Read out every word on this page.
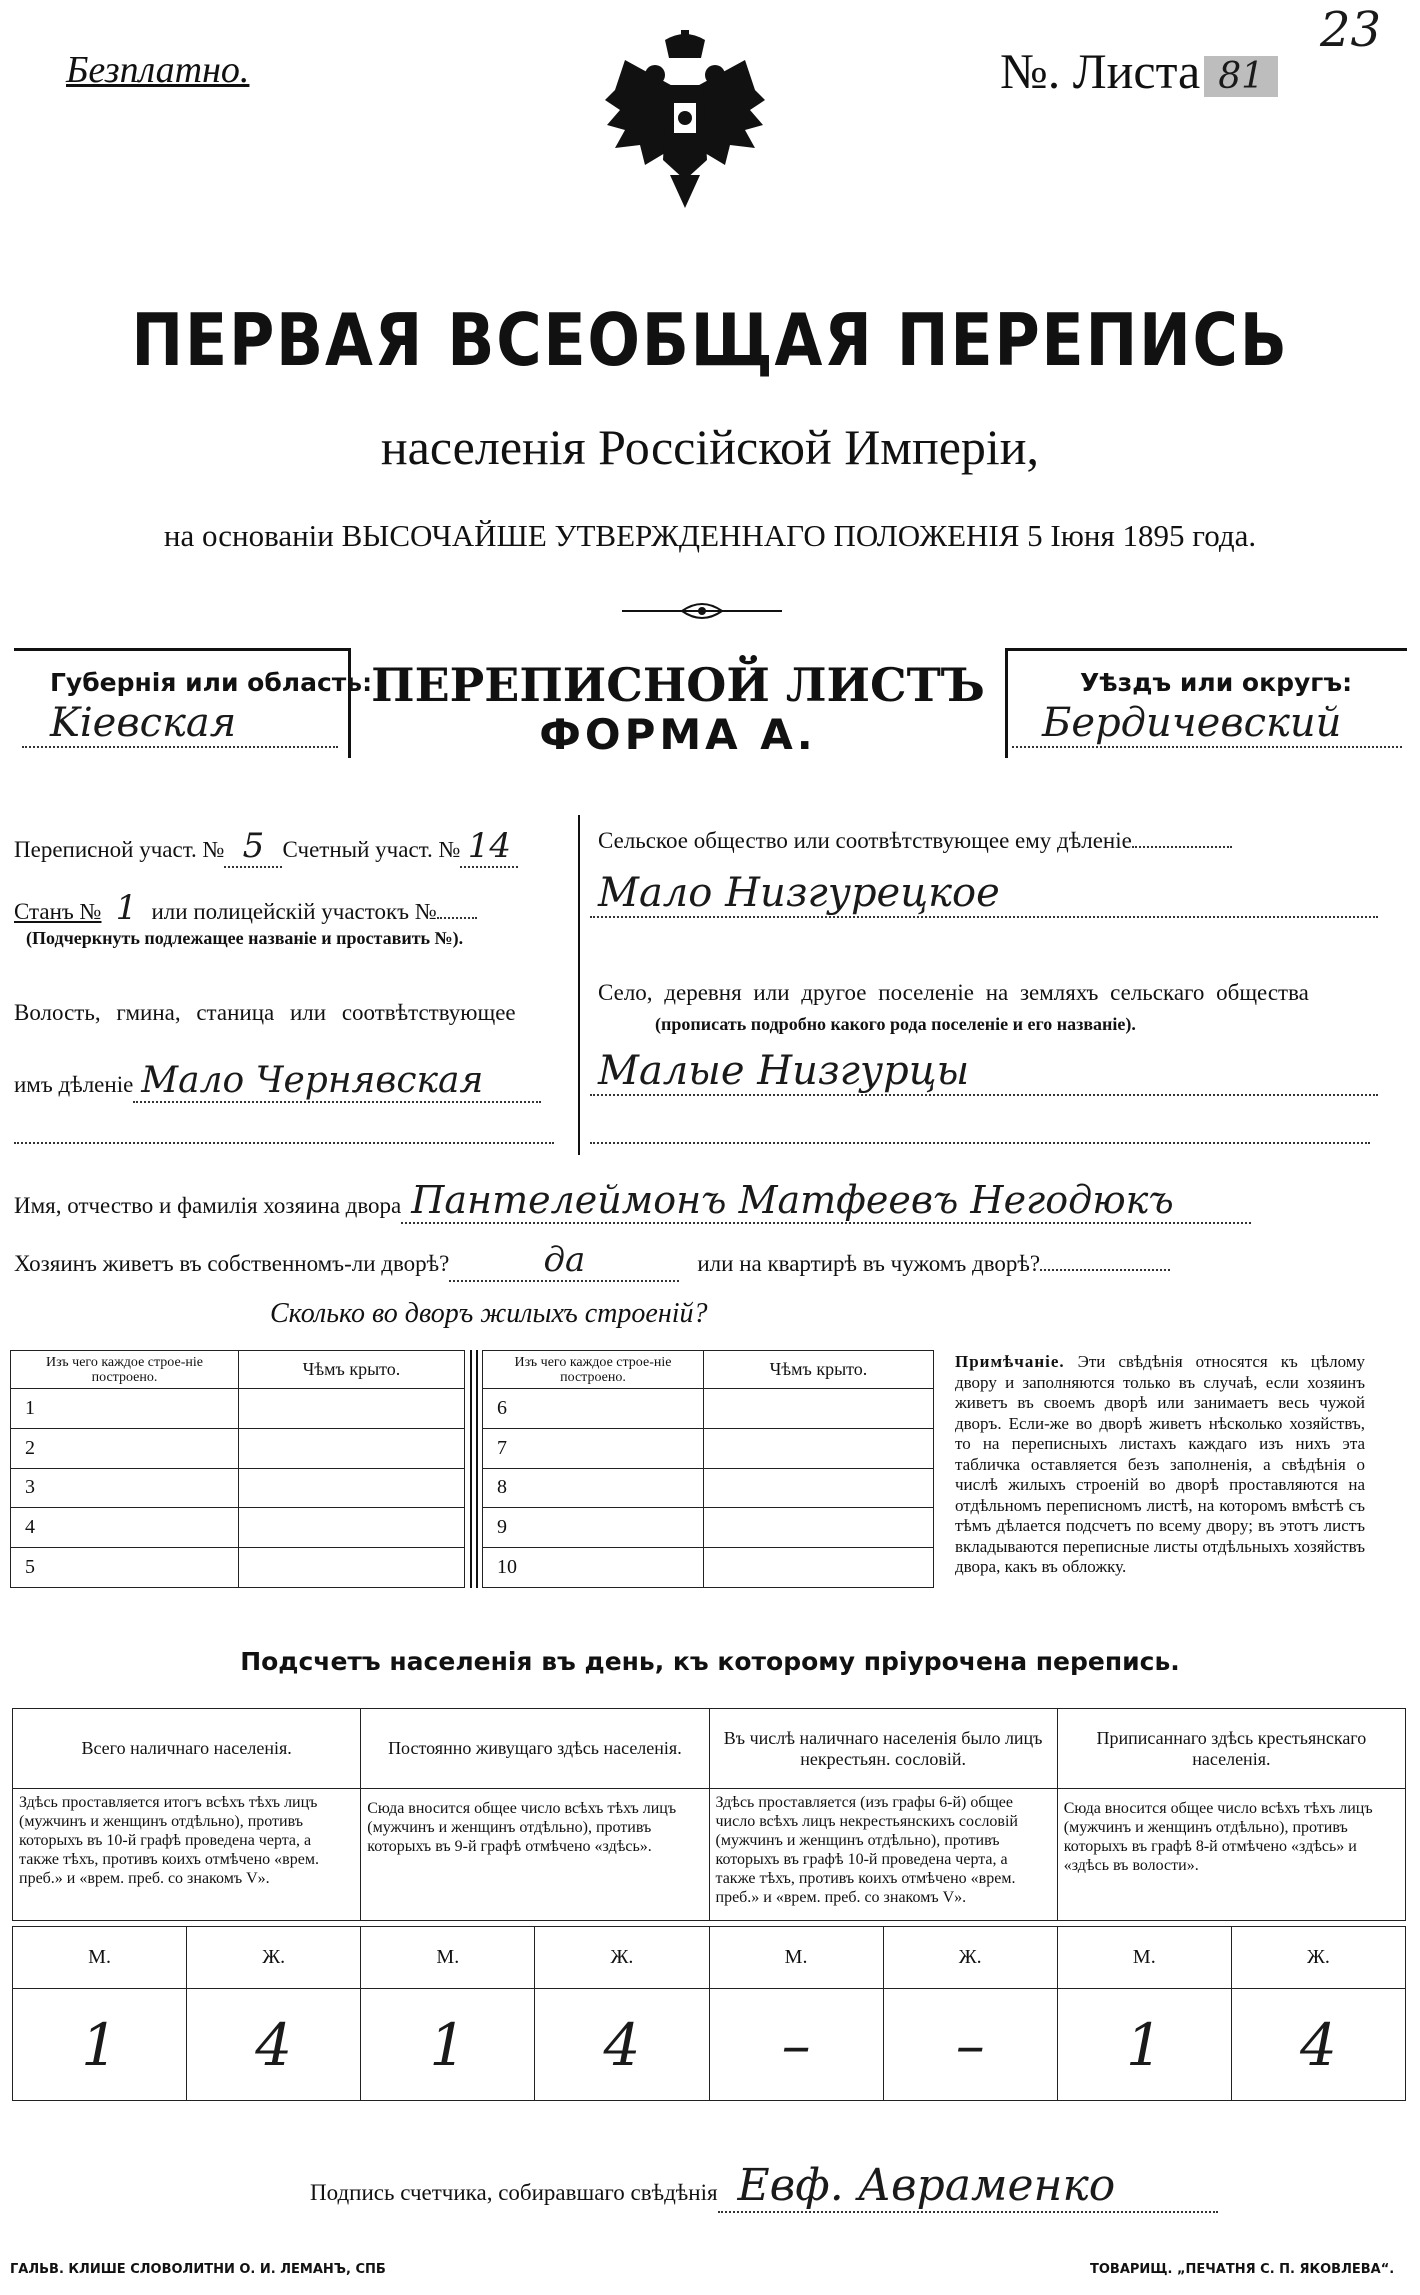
Безплатно.	№. Листа 81
23
ПЕРВАЯ ВСЕОБЩАЯ ПЕРЕПИСЬ
населенія Россійской Имперіи,
на основаніи ВЫСОЧАЙШЕ УТВЕРЖДЕННАГО ПОЛОЖЕНІЯ 5 Іюня 1895 года.
Губернія или область:
Kiевская
ПЕРЕПИСНОЙ ЛИСТЪ
ФОРМА А.
Уѣздъ или округъ:
Бердичевский
Переписной участ. № 5 Счетный участ. № 14
Станъ № 1 или полицейскій участокъ №
(Подчеркнуть подлежащее названіе и проставить №).
Волость, гмина, станица или соотвѣтствующее
имъ дѣленіе Мало Чернявская
Сельское общество или соотвѣтствующее ему дѣленіе
Мало Низгурецкое
Село, деревня или другое поселеніе на земляхъ сельскаго общества
(прописать подробно какого рода поселеніе и его названіе).
Малые Низгурцы
Имя, отчество и фамилія хозяина двора Пантелеймонъ Матфеевъ Негодюкъ
Хозяинъ живетъ въ собственномъ-ли дворѣ?	да	или на квартирѣ въ чужомъ дворѣ?
Сколько во дворъ жилыхъ строеній?
Изъ чего каждое строе-ніе построено.	Чѣмъ крыто.
1	
2	
3	
4	
5	
Изъ чего каждое строе-ніе построено.	Чѣмъ крыто.
6	
7	
8	
9	
10	
Примѣчаніе. Эти свѣдѣнія относятся къ цѣлому двору и заполняются только въ случаѣ, если хозяинъ живетъ въ своемъ дворѣ или занимаетъ весь чужой дворъ. Если-же во дворѣ живетъ нѣсколько хозяйствъ, то на переписныхъ листахъ каждаго изъ нихъ эта табличка оставляется безъ заполненія, а свѣдѣнія о числѣ жилыхъ строеній во дворѣ проставляются на отдѣльномъ переписномъ листѣ, на которомъ вмѣстѣ съ тѣмъ дѣлается подсчетъ по всему двору; въ этотъ листъ вкладываются переписные листы отдѣльныхъ хозяйствъ двора, какъ въ обложку.
Подсчетъ населенія въ день, къ которому пріурочена перепись.
Всего наличнаго населенія.	Постоянно живущаго здѣсь населенія.	Въ числѣ наличнаго населенія было лицъ некрестьян. сословій.	Приписаннаго здѣсь крестьянскаго населенія.
Здѣсь проставляется итогъ всѣхъ тѣхъ лицъ (мужчинъ и женщинъ отдѣльно), противъ которыхъ въ 10-й графѣ проведена черта, а также тѣхъ, противъ коихъ отмѣчено «врем. преб.» и «врем. преб. со знакомъ V».	Сюда вносится общее число всѣхъ тѣхъ лицъ (мужчинъ и женщинъ отдѣльно), противъ которыхъ въ 9-й графѣ отмѣчено «здѣсь».	Здѣсь проставляется (изъ графы 6-й) общее число всѣхъ лицъ некрестьянскихъ сословій (мужчинъ и женщинъ отдѣльно), противъ которыхъ въ графѣ 10-й проведена черта, а также тѣхъ, противъ коихъ отмѣчено «врем. преб.» и «врем. преб. со знакомъ V».	Сюда вносится общее число всѣхъ тѣхъ лицъ (мужчинъ и женщинъ отдѣльно), противъ которыхъ въ графѣ 8-й отмѣчено «здѣсь» и «здѣсь въ волости».
М.	Ж.	М.	Ж.	М.	Ж.	М.	Ж.
1	4	1	4	–	–	1	4
Подпись счетчика, собиравшаго свѣдѣнія Евф. Авраменко
ГАЛЬВ. КЛИШЕ СЛОВОЛИТНИ О. И. ЛЕМАНЪ, СПБ	ТОВАРИЩ. „ПЕЧАТНЯ С. П. ЯКОВЛЕВА“.
